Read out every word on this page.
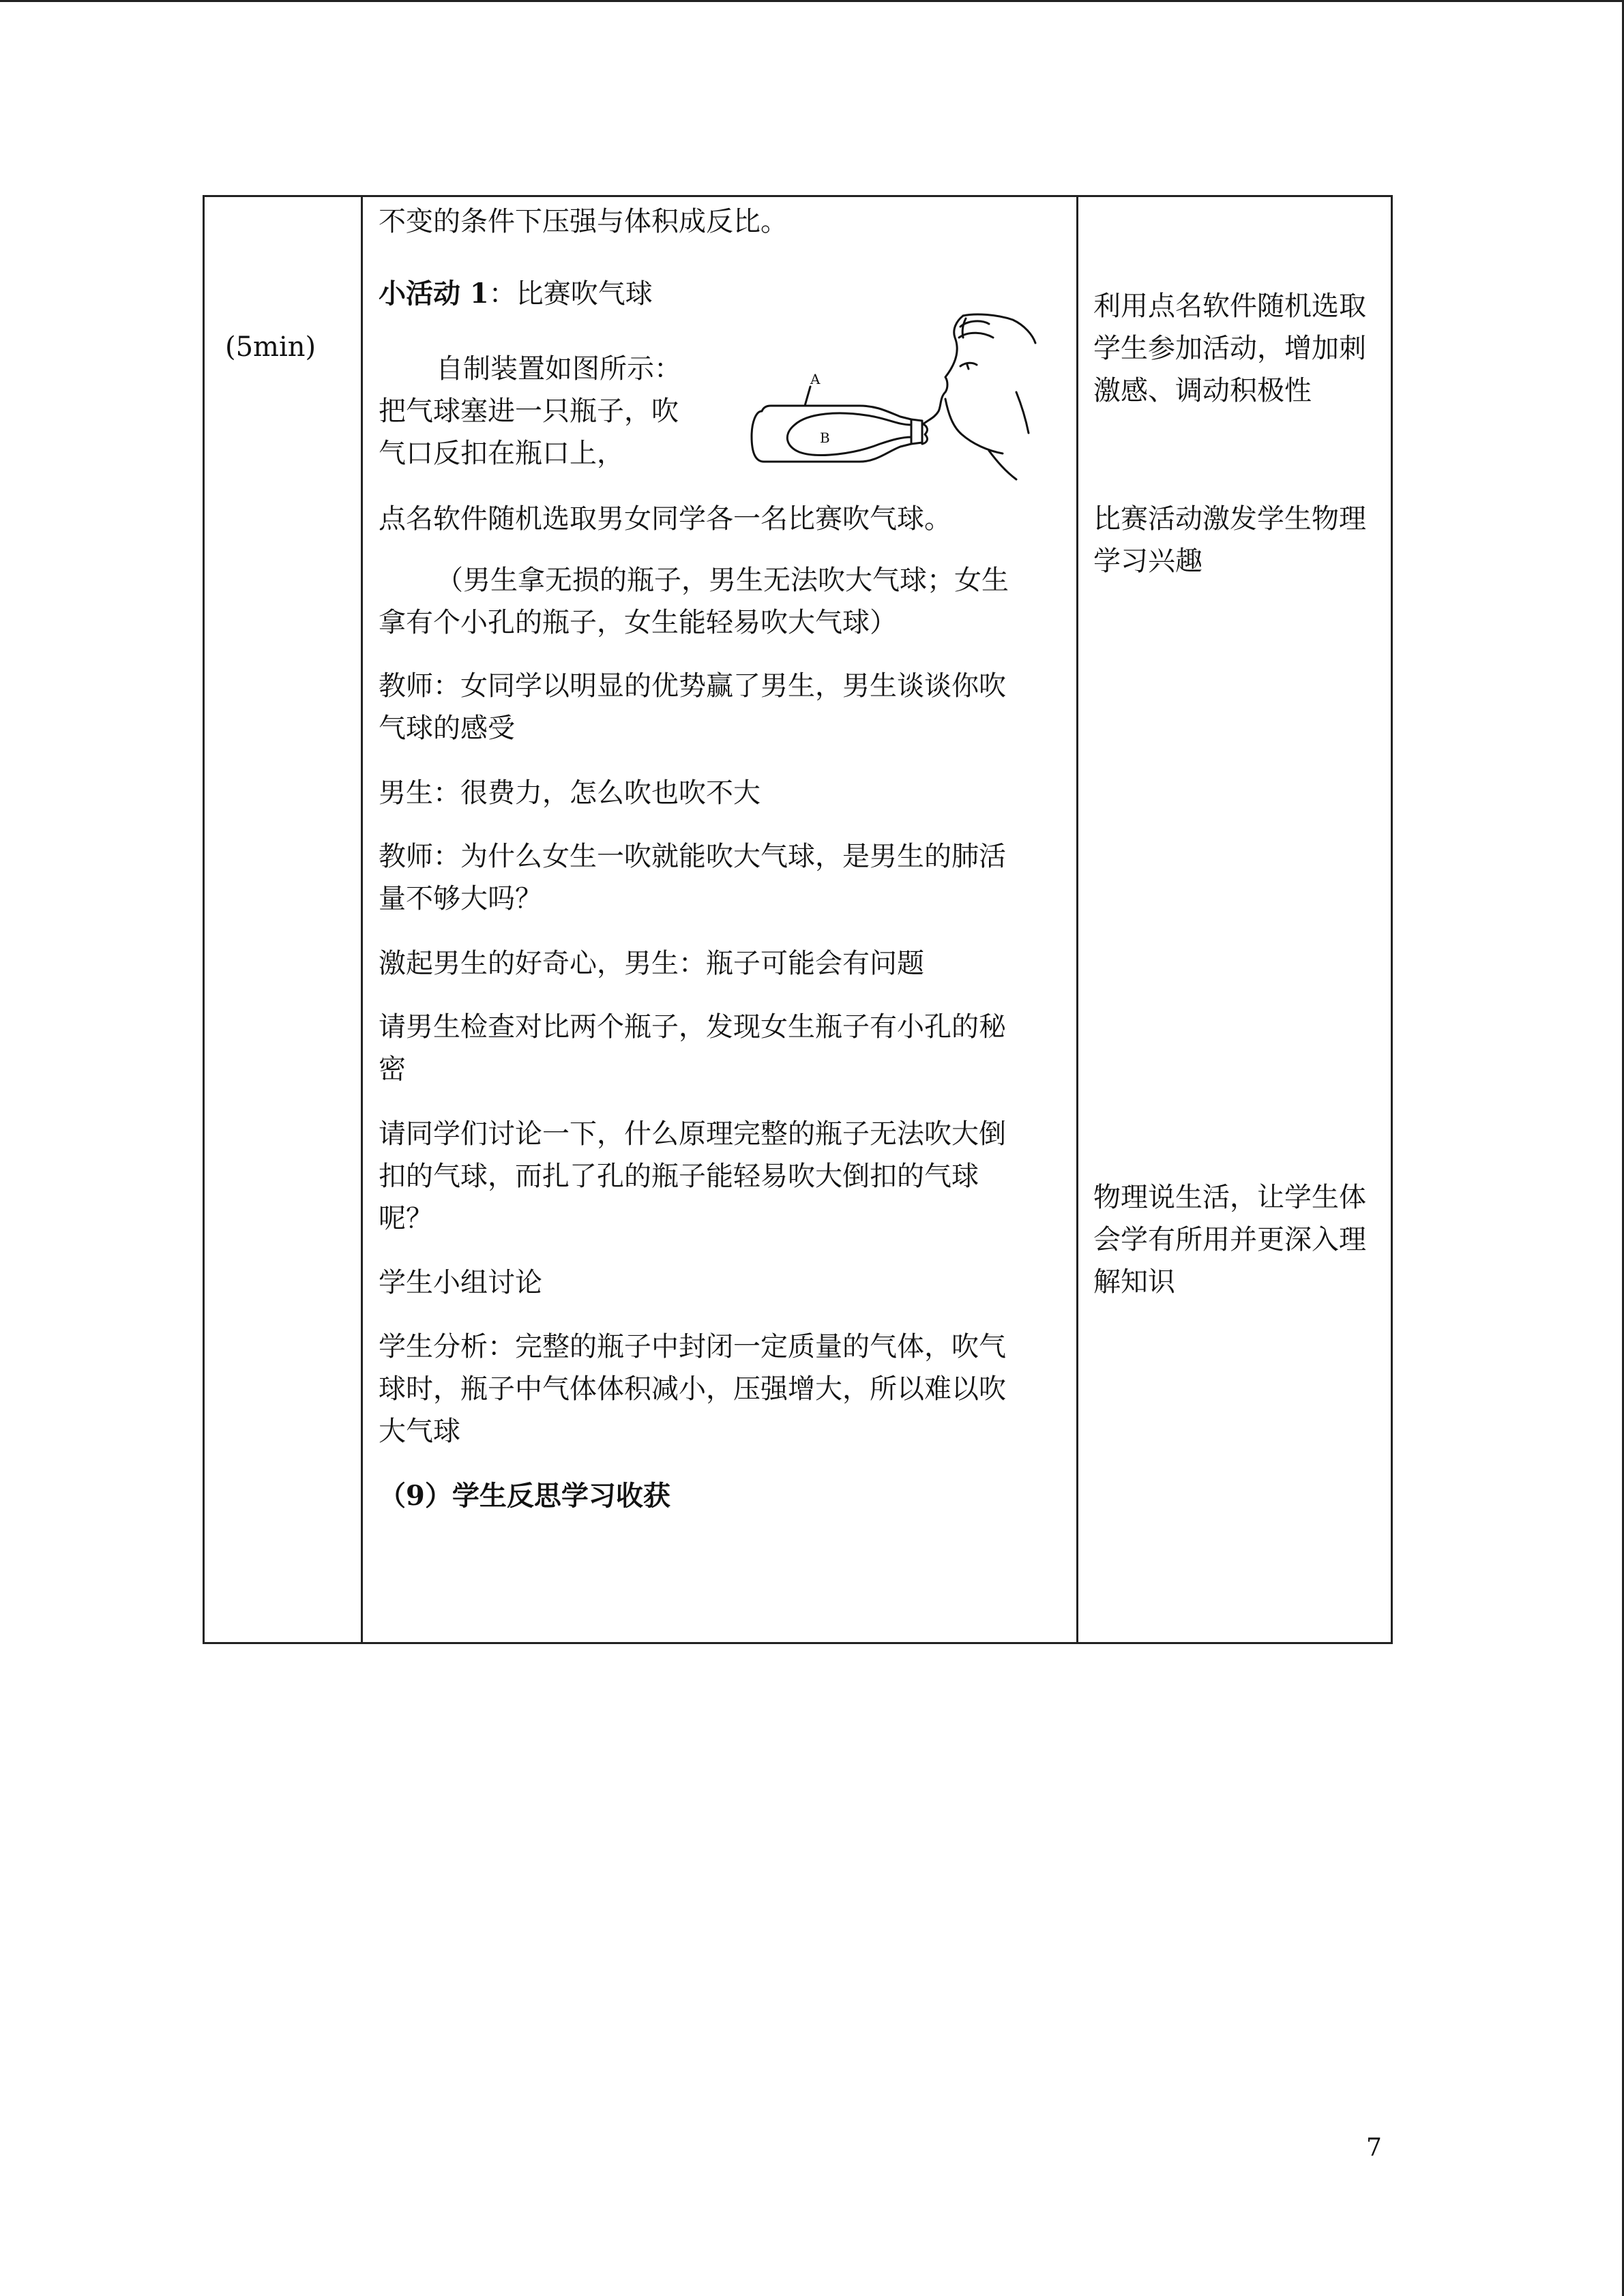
(5min)
不变的条件下压强与体积成反比。
小活动 1：比赛吹气球
自制装置如图所示：
把气球塞进一只瓶子，吹
气口反扣在瓶口上，
A
B
点名软件随机选取男女同学各一名比赛吹气球。
（男生拿无损的瓶子，男生无法吹大气球；女生
拿有个小孔的瓶子，女生能轻易吹大气球）
教师：女同学以明显的优势赢了男生，男生谈谈你吹
气球的感受
男生：很费力，怎么吹也吹不大
教师：为什么女生一吹就能吹大气球，是男生的肺活
量不够大吗？
激起男生的好奇心，男生：瓶子可能会有问题
请男生检查对比两个瓶子，发现女生瓶子有小孔的秘
密
请同学们讨论一下，什么原理完整的瓶子无法吹大倒
扣的气球，而扎了孔的瓶子能轻易吹大倒扣的气球
呢？
学生小组讨论
学生分析：完整的瓶子中封闭一定质量的气体，吹气
球时，瓶子中气体体积减小，压强增大，所以难以吹
大气球
（9）学生反思学习收获
利用点名软件随机选取
学生参加活动，增加刺
激感、调动积极性
比赛活动激发学生物理
学习兴趣
物理说生活，让学生体
会学有所用并更深入理
解知识
7
